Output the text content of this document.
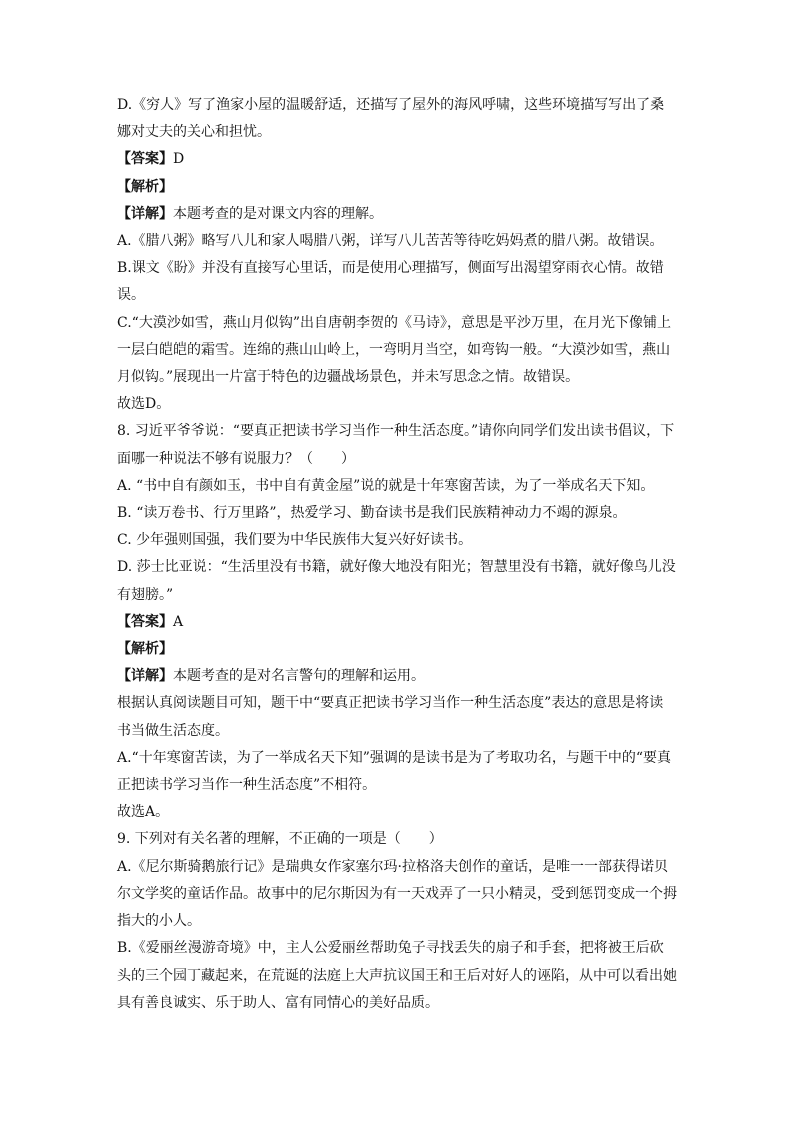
D.《穷人》写了渔家小屋的温暖舒适，还描写了屋外的海风呼啸，这些环境描写写出了桑娜对丈夫的关心和担忧。

【答案】D

【解析】

【详解】本题考查的是对课文内容的理解。

A.《腊八粥》略写八儿和家人喝腊八粥，详写八儿苦苦等待吃妈妈煮的腊八粥。故错误。

B.课文《盼》并没有直接写心里话，而是使用心理描写，侧面写出渴望穿雨衣心情。故错误。

C.“大漠沙如雪，燕山月似钩”出自唐朝李贺的《马诗》，意思是平沙万里，在月光下像铺上一层白皑皑的霜雪。连绵的燕山山岭上，一弯明月当空，如弯钩一般。“大漠沙如雪，燕山月似钩。”展现出一片富于特色的边疆战场景色，并未写思念之情。故错误。

故选D。

8. 习近平爷爷说：“要真正把读书学习当作一种生活态度。”请你向同学们发出读书倡议，下面哪一种说法不够有说服力？（　　）

A. “书中自有颜如玉，书中自有黄金屋”说的就是十年寒窗苦读，为了一举成名天下知。

B. “读万卷书、行万里路”，热爱学习、勤奋读书是我们民族精神动力不竭的源泉。

C. 少年强则国强，我们要为中华民族伟大复兴好好读书。

D. 莎士比亚说：“生活里没有书籍，就好像大地没有阳光；智慧里没有书籍，就好像鸟儿没有翅膀。”

【答案】A

【解析】

【详解】本题考查的是对名言警句的理解和运用。

根据认真阅读题目可知，题干中“要真正把读书学习当作一种生活态度”表达的意思是将读书当做生活态度。

A.“十年寒窗苦读，为了一举成名天下知”强调的是读书是为了考取功名，与题干中的“要真正把读书学习当作一种生活态度”不相符。

故选A。

9. 下列对有关名著的理解，不正确的一项是（　　）

A.《尼尔斯骑鹅旅行记》是瑞典女作家塞尔玛·拉格洛夫创作的童话，是唯一一部获得诺贝尔文学奖的童话作品。故事中的尼尔斯因为有一天戏弄了一只小精灵，受到惩罚变成一个拇指大的小人。

B.《爱丽丝漫游奇境》中，主人公爱丽丝帮助兔子寻找丢失的扇子和手套，把将被王后砍头的三个园丁藏起来，在荒诞的法庭上大声抗议国王和王后对好人的诬陷，从中可以看出她具有善良诚实、乐于助人、富有同情心的美好品质。
